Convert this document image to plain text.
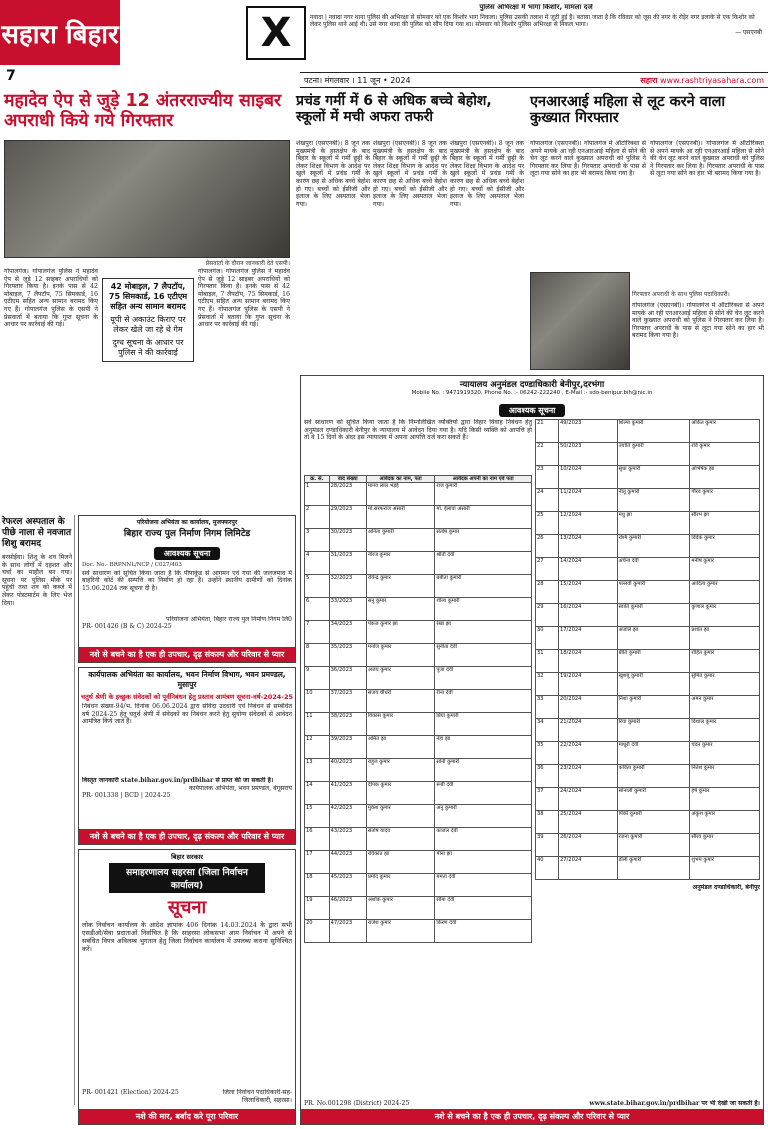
सहारा बिहार
7
X
पुलिस अभिरक्षा में भागा किशोर, मामला दर्ज

नवादा | नवादा नगर थाना पुलिस की अभिरक्षा से सोमवार को एक किशोर भाग निकला। पुलिस उसकी तलाश में जुटी हुई है। बताया जाता है कि रविवार को जूस की नगर के रोड़ेर नगर इलाके से एक किशोर को लेकर पुलिस थाने आई थी। उसे नगर थाना की पुलिस को सौंप दिया गया था। सोमवार को किशोर पुलिस अभिरक्षा से निकल भागा।

— एसएनबी

पटना। मंगलवार । 11 जून • 2024	सहारा www.rashtriyasahara.com
महादेव ऐप से जुड़े 12 अंतरराज्यीय साइबर अपराधी किये गये गिरफ्तार
प्रेसवार्ता के दौरान जानकारी देते एसपी।
गोपालगंज। गोपालगंज पुलिस ने महादेव ऐप से जुड़े 12 साइबर अपराधियों को गिरफ्तार किया है। इनके पास से 42 मोबाइल, 7 लैपटॉप, 75 सिमकार्ड, 16 एटीएम सहित अन्य सामान बरामद किए गए हैं। गोपालगंज पुलिस के एसपी ने प्रेसवार्ता में बताया कि गुप्त सूचना के आधार पर कार्रवाई की गई।

42 मोबाइल, 7 लैपटॉप, 75 सिमकार्ड, 16 एटीएम सहित अन्य सामान बरामद

यूपी से अकाउंट किराए पर लेकर खेले जा रहे थे गेम

दुग्ध सूचना के आधार पर पुलिस ने की कार्रवाई

गोपालगंज। गोपालगंज पुलिस ने महादेव ऐप से जुड़े 12 साइबर अपराधियों को गिरफ्तार किया है। इनके पास से 42 मोबाइल, 7 लैपटॉप, 75 सिमकार्ड, 16 एटीएम सहित अन्य सामान बरामद किए गए हैं। गोपालगंज पुलिस के एसपी ने प्रेसवार्ता में बताया कि गुप्त सूचना के आधार पर कार्रवाई की गई।
प्रचंड गर्मी में 6 से अधिक बच्चे बेहोश, स्कूलों में मची अफरा तफरी
शेखपुरा (एसएनबी)। 8 जून तक मुख्यमंत्री के हस्तक्षेप के बाद बिहार के स्कूलों में गर्मी छुट्टी के लेकर शिक्षा विभाग के आदेश पर खुले स्कूलों में प्रचंड गर्मी के कारण छह से अधिक बच्चे बेहोश हो गए। बच्चों को ईसीजी और इलाज के लिए अस्पताल भेजा गया।
शेखपुरा (एसएनबी)। 8 जून तक मुख्यमंत्री के हस्तक्षेप के बाद बिहार के स्कूलों में गर्मी छुट्टी के लेकर शिक्षा विभाग के आदेश पर खुले स्कूलों में प्रचंड गर्मी के कारण छह से अधिक बच्चे बेहोश हो गए। बच्चों को ईसीजी और इलाज के लिए अस्पताल भेजा गया।
शेखपुरा (एसएनबी)। 8 जून तक मुख्यमंत्री के हस्तक्षेप के बाद बिहार के स्कूलों में गर्मी छुट्टी के लेकर शिक्षा विभाग के आदेश पर खुले स्कूलों में प्रचंड गर्मी के कारण छह से अधिक बच्चे बेहोश हो गए। बच्चों को ईसीजी और इलाज के लिए अस्पताल भेजा गया।
एनआरआई महिला से लूट करने वाला कुख्यात गिरफ्तार
गोपालगंज (एसएनबी)। गोपालगंज में ऑटोरिक्शा से अपने मायके आ रही एनआरआई महिला से सोने की चेन लूट करने वाले कुख्यात अपराधी को पुलिस ने गिरफ्तार कर लिया है। गिरफ्तार अपराधी के पास से लूटा गया सोने का हार भी बरामद किया गया है।
गोपालगंज (एसएनबी)। गोपालगंज में ऑटोरिक्शा से अपने मायके आ रही एनआरआई महिला से सोने की चेन लूट करने वाले कुख्यात अपराधी को पुलिस ने गिरफ्तार कर लिया है। गिरफ्तार अपराधी के पास से लूटा गया सोने का हार भी बरामद किया गया है।
गिरफ्तार अपराधी के साथ पुलिस पदाधिकारी।
गोपालगंज (एसएनबी)। गोपालगंज में ऑटोरिक्शा से अपने मायके आ रही एनआरआई महिला से सोने की चेन लूट करने वाले कुख्यात अपराधी को पुलिस ने गिरफ्तार कर लिया है। गिरफ्तार अपराधी के पास से लूटा गया सोने का हार भी बरामद किया गया है।
रेफरल अस्पताल के पीछे नाला से नवजात शिशु बरामद
बरसोईया। शिशु के शव मिलने के साथ लोगों में दहशत और चर्चा का माहौल बन गया। सूचना पर पुलिस मौके पर पहुंची तथा शव को कब्जे में लेकर पोस्टमार्टम के लिए भेज दिया।
परियोजना अभियंता का कार्यालय, मुजफ्फरपुर
बिहार राज्य पुल निर्माण निगम लिमिटेड
आवश्यक सूचना
Doc. No.- BRPNNL/NCP / C027/403
सर्व साधारण को सूचित किया जाता है कि पीपाकुंड से आगमन एवं गया की जलजमाव में बाहरिनी कोर्ट की सम्पत्ति का निर्माण हो रहा है। उन्होंने स्थानीय ग्रामीणों को दिनांक 15.06.2024 तक सूचना दी है।
परियोजना अभियंता, बिहार राज्य पुल निर्माण निगम लि0
PR- 001426 (B & C) 2024-25
नशे से बचने का है एक ही उपचार, दृढ़ संकल्प और परिवार से प्यार
कार्यपालक अभियंता का कार्यालय, भवन निर्माण विभाग, भवन प्रमण्डल, मुसापुर
चतुर्थ श्रेणी के इच्छुक संवेदकों को पूर्वनिबंधन हेतु प्रस्ताव आमंत्रण सूचना-वर्ष-2024-25
निबंधन संख्या-94/भ. दिनांक 06.06.2024 द्वारा संविदा उदधारी एवं निबंधन से सम्बंधित वर्ष 2024-25 हेतु चतुर्थ श्रेणी में संवेदकों का निबंधन करने हेतु सुयोग्य संवेदकों से आवेदन आमंत्रित किये जाते हैं।
विस्तृत जानकारी state.bihar.gov.in/prdbihar से प्राप्त की जा सकती है।
कार्यपालक अभियंता, भवन प्रमण्डल, बेगूसराय
PR- 001338 | BCD | 2024-25
नशे से बचने का है एक ही उपचार, दृढ़ संकल्प और परिवार से प्यार
बिहार सरकार
समाहरणालय सहरसा (जिला निर्वाचन कार्यालय)
सूचना
लोक निर्वाचन कार्यालय के आदेश ज्ञापांक 406 दिनांक 14.03.2024 के द्वारा सभी एसडीओ/सेवा प्रदाताओं निर्वाचित है कि साहरसा लोकसभा आम निर्वाचन में अपने से सबंधित विपत्र अविलम्ब भुगतान हेतु जिला निर्वाचन कार्यालय में उपलब्ध कराना सुनिश्चित करें।
PR- 001421 (Election) 2024-25	जिला निर्वाचन पदाधिकारी-सह-जिलाधिकारी, सहरसा।
नशे की मार, बर्बाद करे पूरा परिवार
न्यायालय अनुमंडल दण्डाधिकारी बेनीपुर,दरभंगा
Mobile No. : 9471919320, Phone No. :- 06242-222240 , E-Mail :- sdo-benipur.bih@nic.in
आवश्यक सूचना
सर्व साधारण को सूचित किया जाता है कि निम्नलिखित व्यक्तियों द्वारा विहार विवाह निबंधन हेतु अनुमंडल दण्डाधिकारी बेनीपुर के न्यायालय में आवेदन दिया गया है। यदि किसी व्यक्ति को आपत्ति हो तो वे 15 दिनों के अंदर इस न्यायालय में अपना आपत्ति दर्ज करा सकते हैं।
क्र. सं.	वाद संख्या	आवेदक का नाम, पता	आवेदक अपनी का नाम एवं पता
1	28/2023	मानव लाल भड़ई	राज कुमारी
2	29/2023	मो.सरफराज अंसारी	मो. ईलावा अंसारी
3	30/2023	अनिता कुमारी	संतोष कुमार
4	31/2023	नीरज कुमार	श्रीती देवी
5	32/2023	रविन्द्र कुमार	बबीता कुमारी
6	33/2023	सनु कुमार	शीला कुमारी
7	34/2023	पंकज कुमार झा	रेखा झा
8	35/2023	मनोज कुमार	सुनीता देवी
9	36/2023	अजय कुमार	पूजा देवी
10	37/2023	संजय चौधरी	रीना देवी
11	38/2023	विकास कुमार	प्रिया कुमारी
12	39/2023	अमित झा	नेहा झा
13	40/2023	राहुल कुमार	सोनी कुमारी
14	41/2023	दीपक कुमार	रूबी देवी
15	42/2023	मुकेश कुमार	अनु कुमारी
16	43/2023	संतोष यादव	काजल देवी
17	44/2023	रविकांत झा	मीना झा
18	45/2023	प्रमोद कुमार	ममता देवी
19	46/2023	अशोक कुमार	सीमा देवी
20	47/2023	राजेश कुमार	किरण देवी
21	49/2023	शिल्पा कुमारी	अंकित कुमार
22	50/2023	ज्योति कुमारी	रवि कुमार
23	10/2024	सुधा कुमारी	अभिषेक झा
24	11/2024	नीतू कुमारी	गौरव कुमार
25	12/2024	मधु झा	सौरभ झा
26	13/2024	रश्मि कुमारी	विवेक कुमार
27	14/2024	अर्चना देवी	मनीष कुमार
28	15/2024	पल्लवी कुमारी	आदित्य कुमार
29	16/2024	स्वाति कुमारी	कुणाल कुमार
30	17/2024	अंजलि झा	प्रशांत झा
31	18/2024	प्रीति कुमारी	रोहित कुमार
32	19/2024	खुशबू कुमारी	सुमित कुमार
33	20/2024	निशा कुमारी	अमन कुमार
34	21/2024	रिया कुमारी	विशाल कुमार
35	22/2024	माधुरी देवी	चंदन कुमार
36	23/2024	कविता कुमारी	नितेश कुमार
37	24/2024	सोनाली कुमारी	हर्ष कुमार
38	25/2024	पिंकी कुमारी	अंकुश कुमार
39	26/2024	रंजना कुमारी	सौरव कुमार
40	27/2024	डॉली कुमारी	शुभम कुमार
अनुमंडल दण्डाधिकारी, बेनीपुर
PR. No.001298 (District) 2024-25	www.state.bihar.gov.in/prdbihar पर भी देखी जा सकती है।
नशे से बचने का है एक ही उपचार, दृढ़ संकल्प और परिवार से प्यार
